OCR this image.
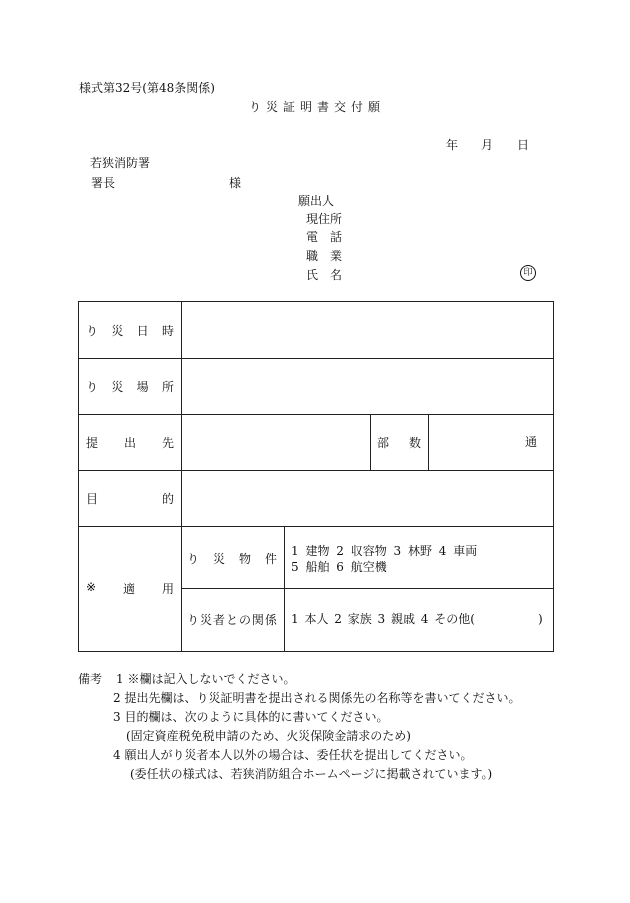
様式第32号(第48条関係)
り災証明書交付願
年 月 日
若狭消防署
署長	様
願出人
現住所
電話
職業
氏名	印
り 災 日 時
り 災 場 所
提 出 先	部 数	通
目	的
※ 適 用
り 災 物 件
1 建物 2 収容物 3 林野 4 車両
5 船舶 6 航空機
り 災 者 と の 関 係 1 本人 2 家族 3 親戚 4 その他(	)
備考 1 ※欄は記入しないでください。
2 提出先欄は、り災証明書を提出される関係先の名称等を書いてください。
3 目的欄は、次のように具体的に書いてください。
(固定資産税免税申請のため、火災保険金請求のため)
4 願出人がり災者本人以外の場合は、委任状を提出してください。
(委任状の様式は、若狭消防組合ホームページに掲載されています。)
